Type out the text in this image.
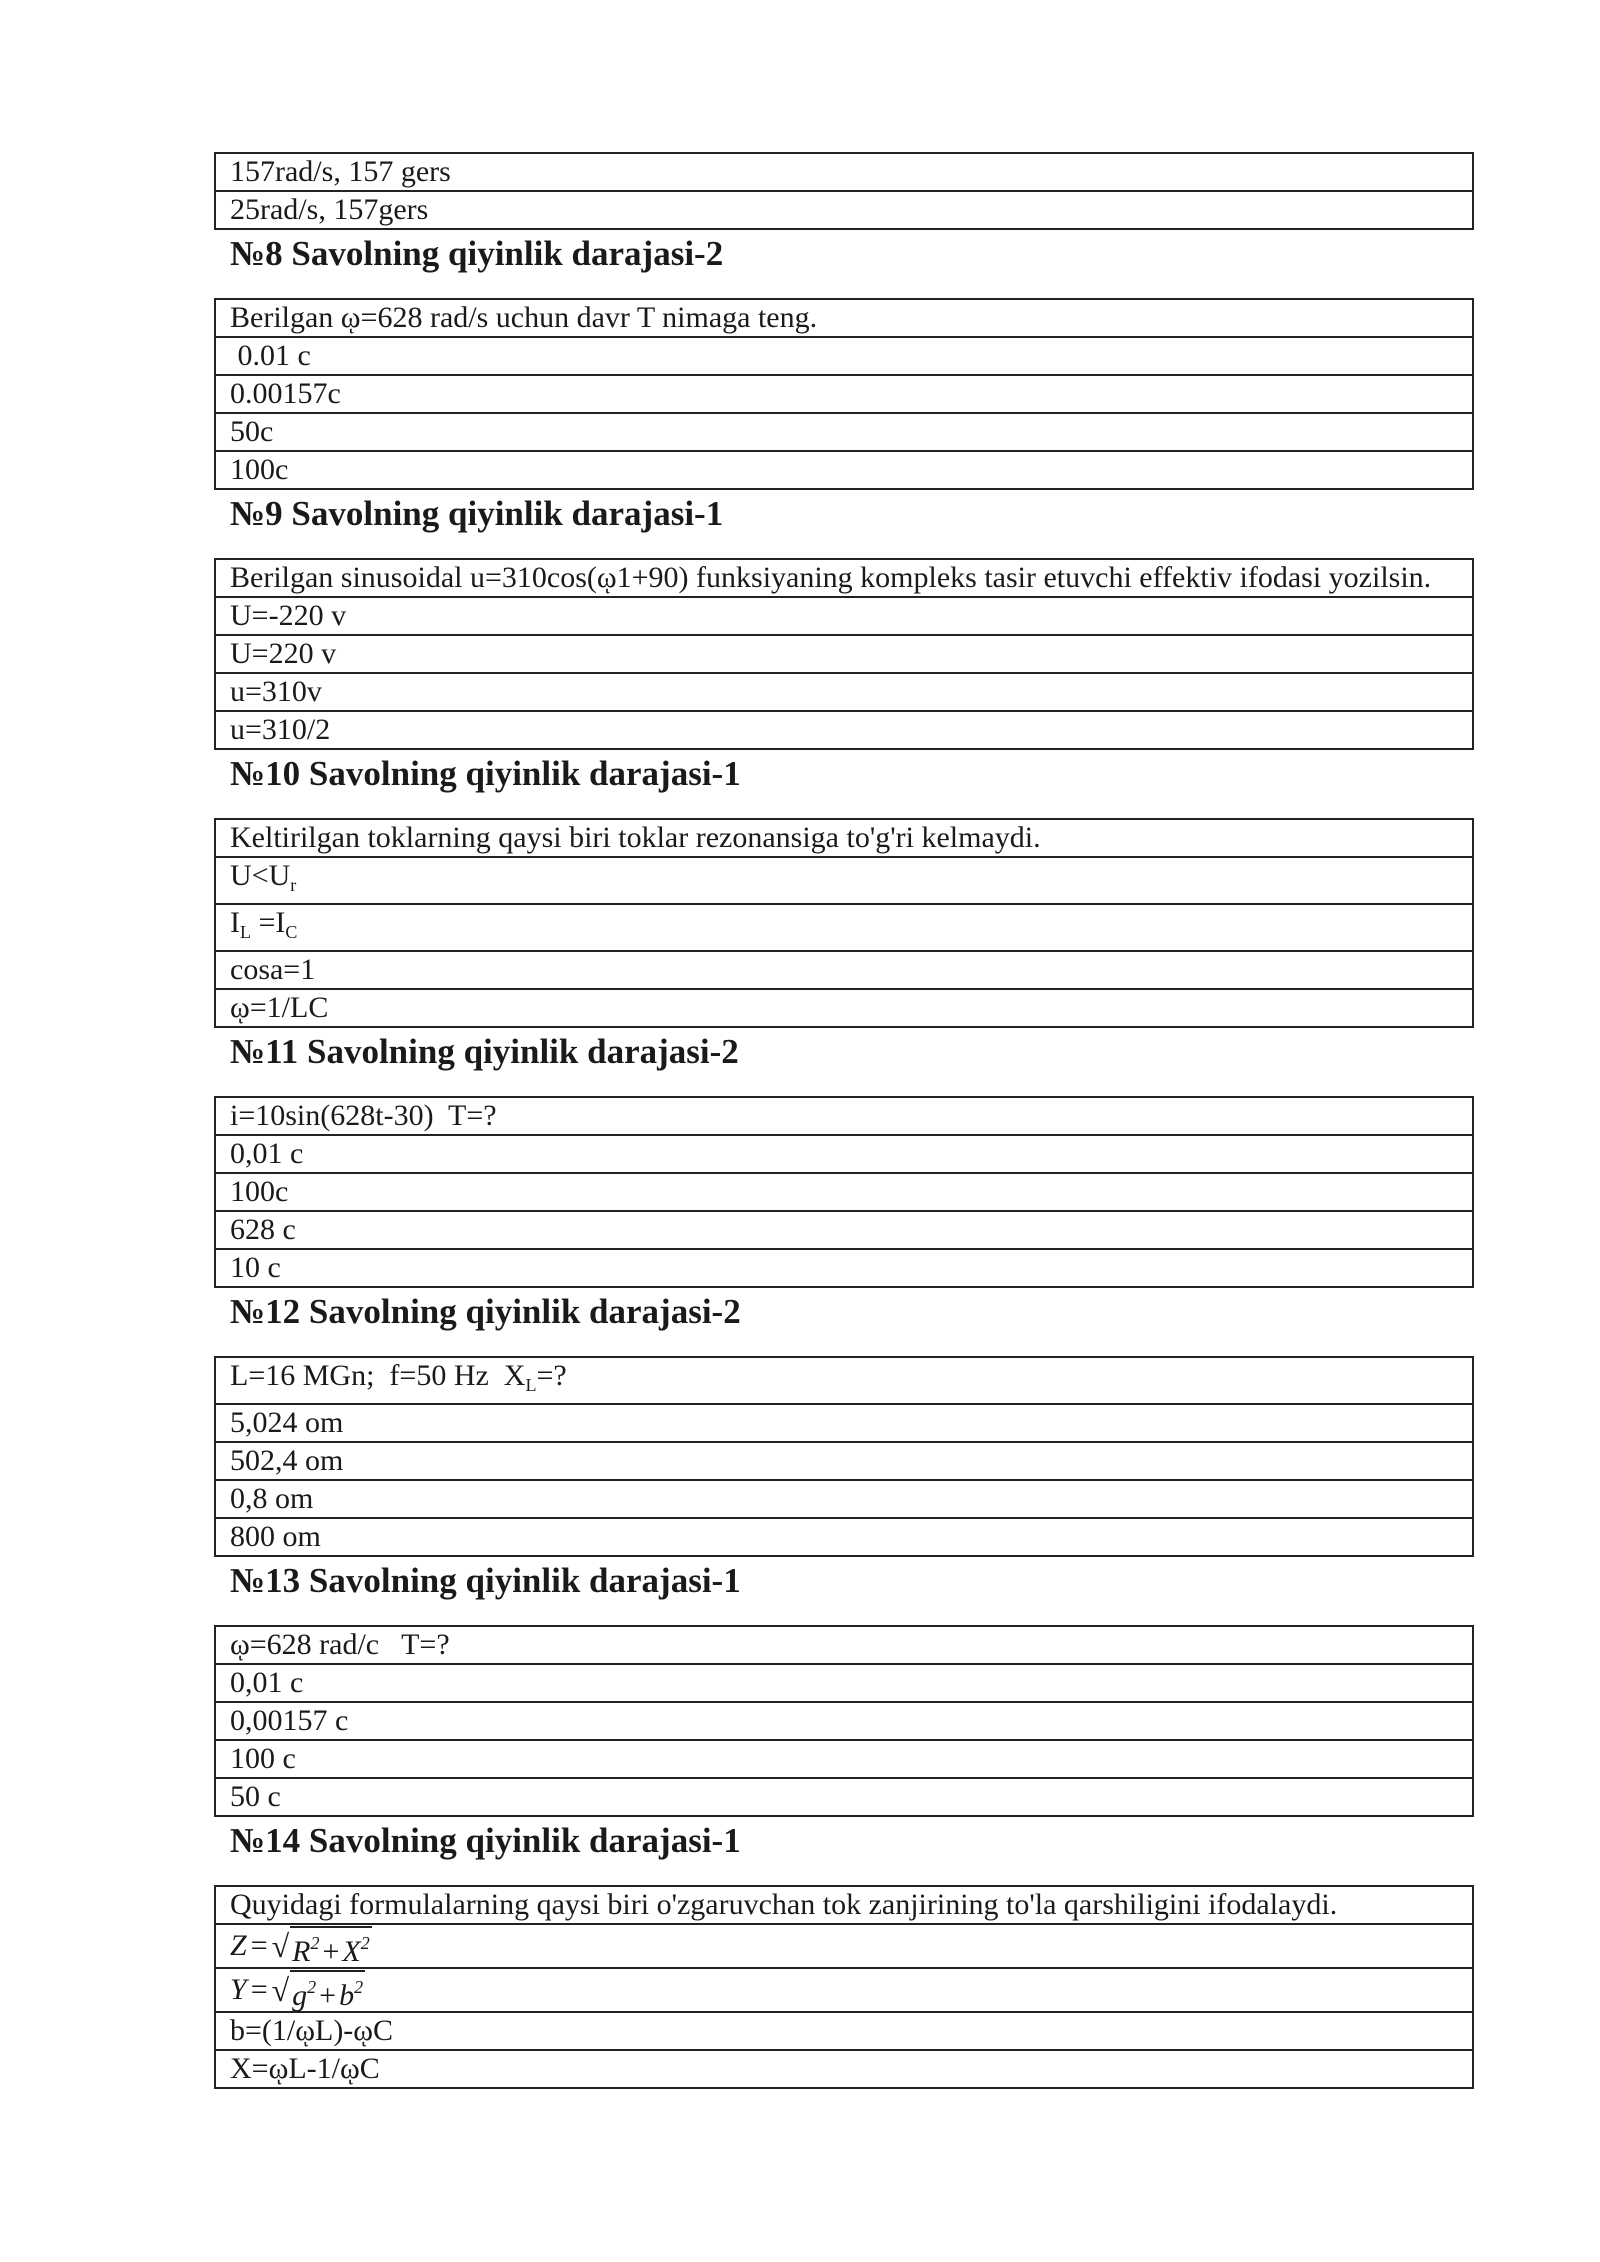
157rad/s, 157 gers
25rad/s, 157gers
№8 Savolning qiyinlik darajasi-2
Berilgan ῳ=628 rad/s uchun davr T nimaga teng.
0.01 c
0.00157c
50c
100c
№9 Savolning qiyinlik darajasi-1
Berilgan sinusoidal u=310cos(ῳ1+90) funksiyaning kompleks tasir etuvchi effektiv ifodasi yozilsin.
U=-220 v
U=220 v
u=310v
u=310/2
№10 Savolning qiyinlik darajasi-1
Keltirilgan toklarning qaysi biri toklar rezonansiga to'g'ri kelmaydi.
$U<U_r$
$I_L =I_C$
cosa=1
ῳ=1/LC
№11 Savolning qiyinlik darajasi-2
i=10sin(628t-30)  T=?
0,01 c
100c
628 c
10 c
№12 Savolning qiyinlik darajasi-2
L=16 MGn;  f=50 Hz  $X_L=$?
5,024 om
502,4 om
0,8 om
800 om
№13 Savolning qiyinlik darajasi-1
ῳ=628 rad/c   T=?
0,01 c
0,00157 c
100 c
50 c
№14 Savolning qiyinlik darajasi-1
Quyidagi formulalarning qaysi biri o'zgaruvchan tok zanjirining to'la qarshiligini ifodalaydi.

Z = √ $R^2 + X^2$

Y = √ $g^2 + b^2$

b=(1/ῳL)-ῳC
X=ῳL-1/ῳC
